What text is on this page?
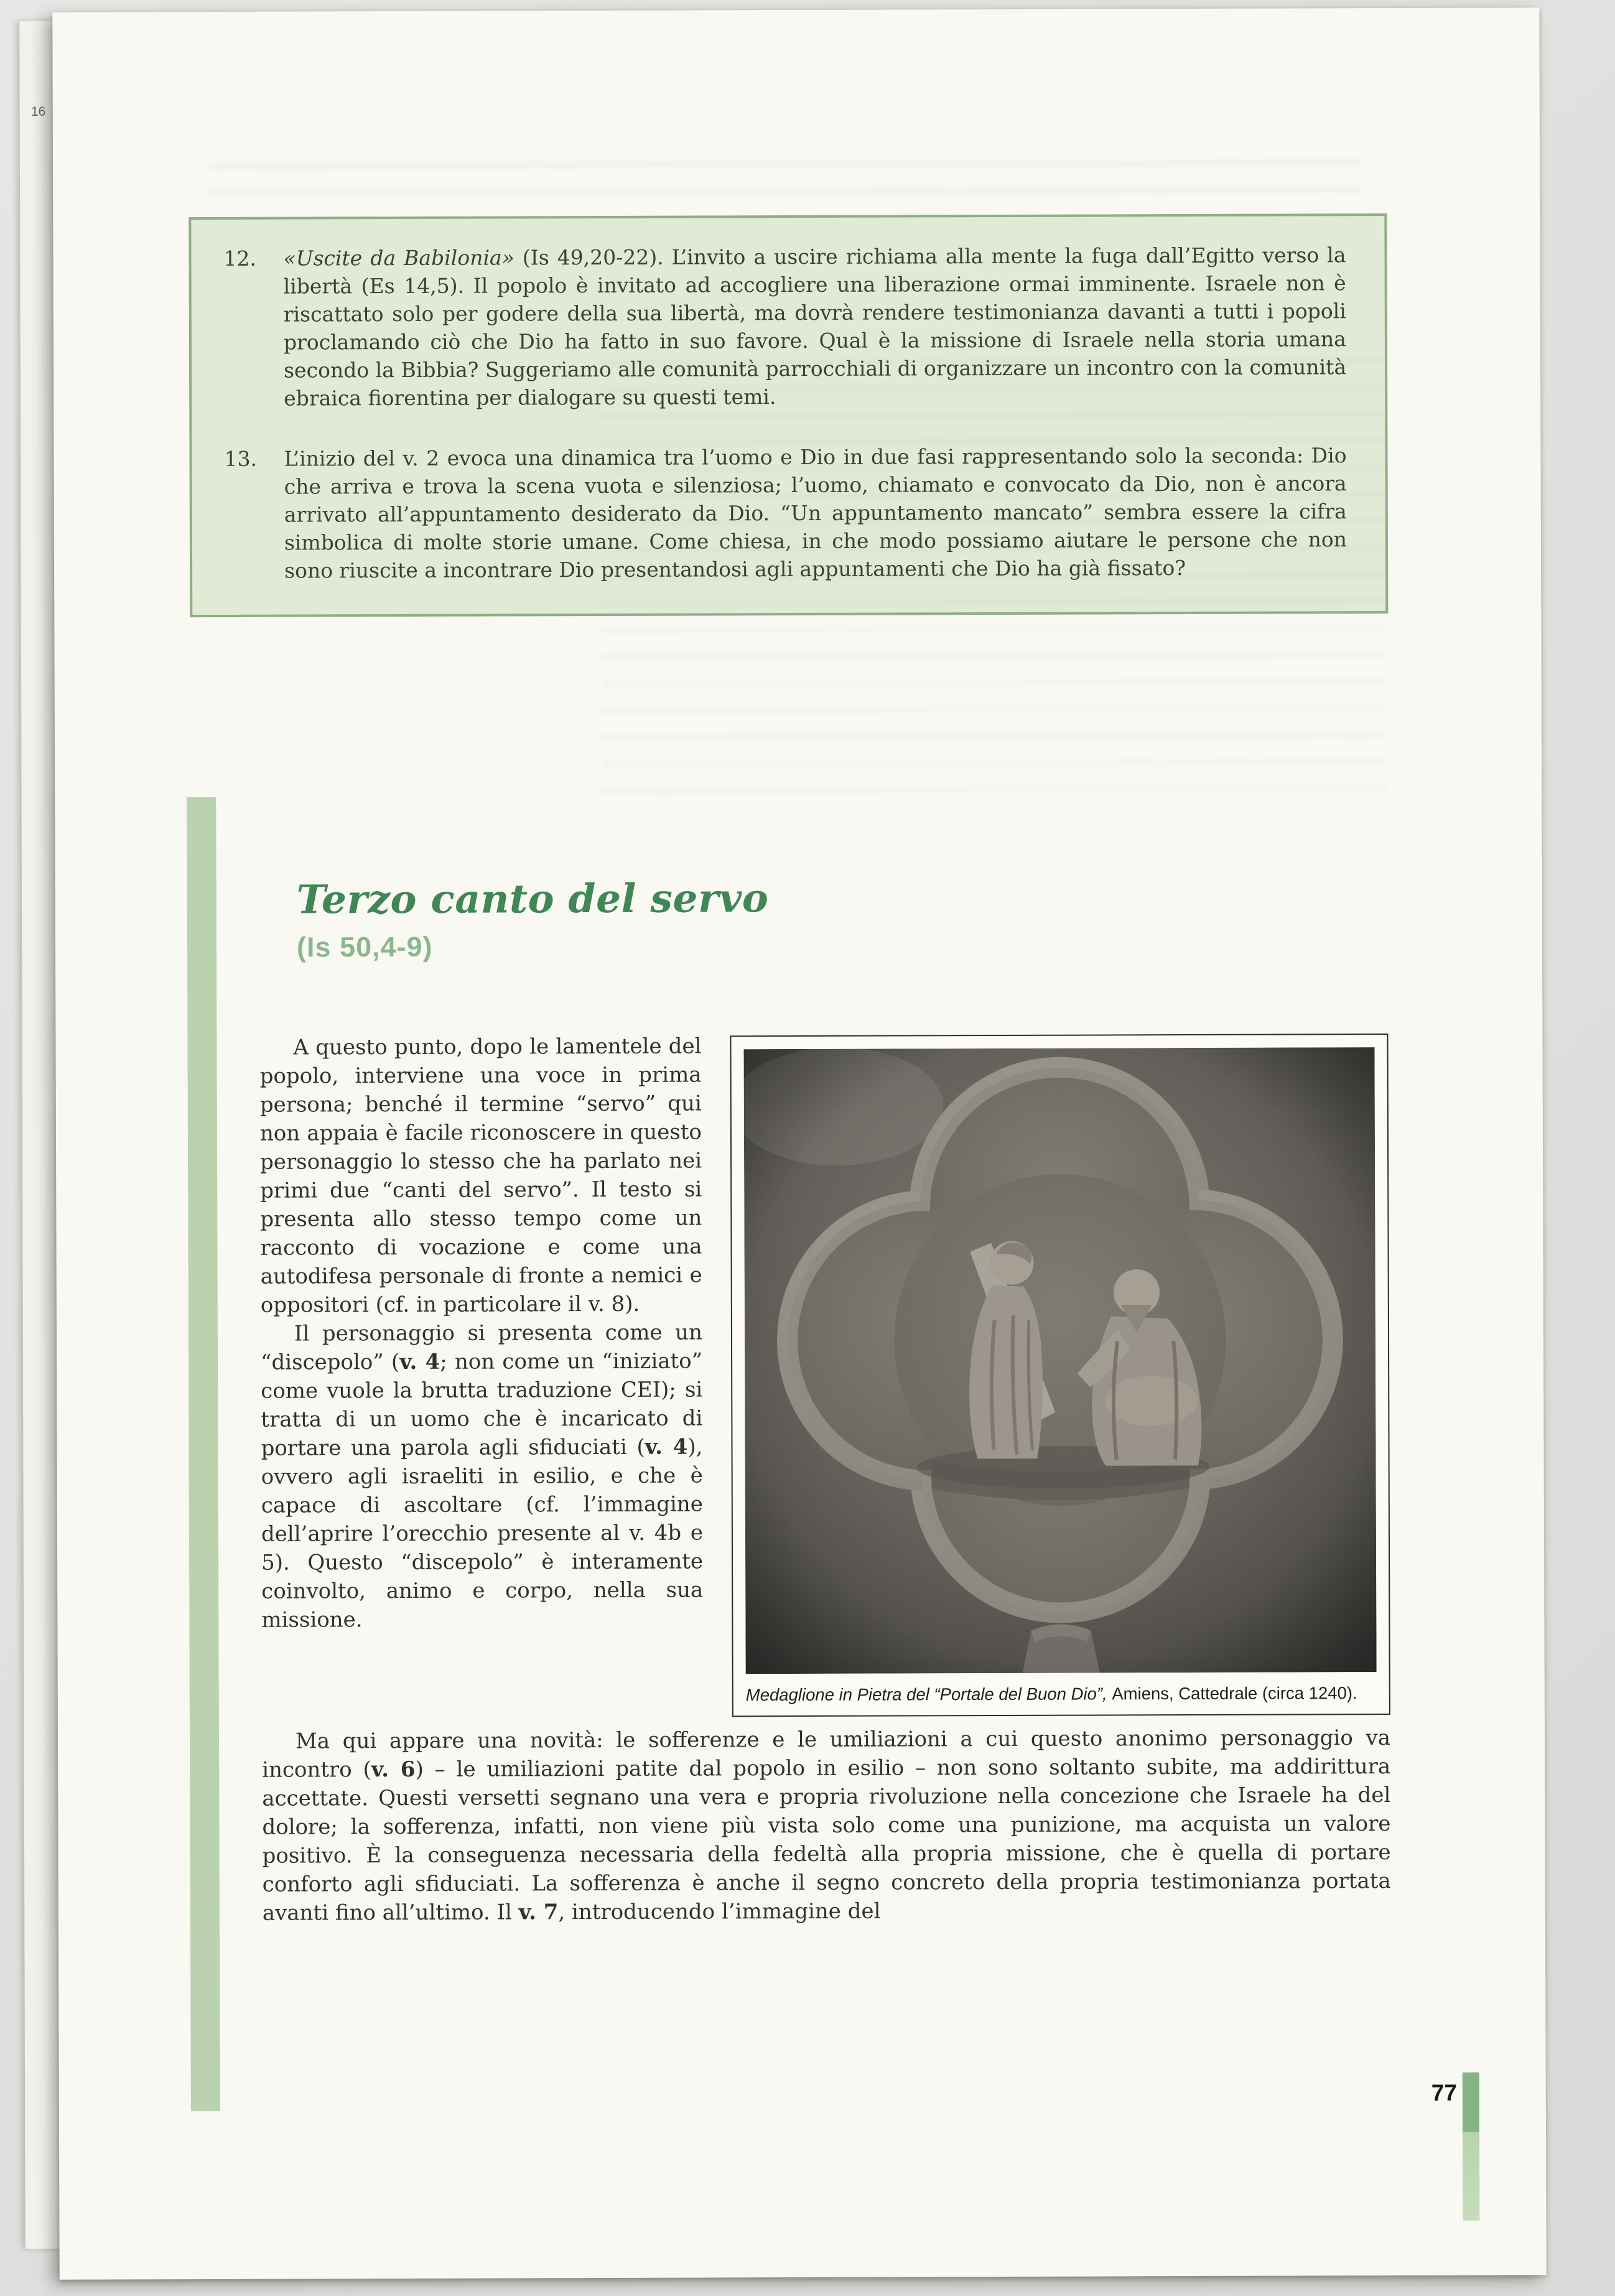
16
12.	«Uscite da Babilonia» (Is 49,20-22). L’invito a uscire richiama alla mente la fuga dall’Egitto verso la libertà (Es 14,5). Il popolo è invitato ad accogliere una liberazione ormai imminente. Israele non è riscattato solo per godere della sua libertà, ma dovrà rendere testimonianza davanti a tutti i popoli proclamando ciò che Dio ha fatto in suo favore. Qual è la missione di Israele nella storia umana secondo la Bibbia? Suggeriamo alle comunità parrocchiali di organizzare un incontro con la comunità ebraica fiorentina per dialogare su questi temi.
13.	L’inizio del v. 2 evoca una dinamica tra l’uomo e Dio in due fasi rappresentando solo la seconda: Dio che arriva e trova la scena vuota e silenziosa; l’uomo, chiamato e convocato da Dio, non è ancora arrivato all’appuntamento desiderato da Dio. “Un appuntamento mancato” sembra essere la cifra simbolica di molte storie umane. Come chiesa, in che modo possiamo aiutare le persone che non sono riuscite a incontrare Dio presentandosi agli appuntamenti che Dio ha già fissato?
Terzo canto del servo
(Is 50,4-9)
Medaglione in Pietra del “Portale del Buon Dio”, Amiens, Cattedrale (circa 1240).

A questo punto, dopo le lamentele del popolo, interviene una voce in prima persona; benché il termine “servo” qui non appaia è facile riconoscere in questo personaggio lo stesso che ha parlato nei primi due “canti del servo”. Il testo si presenta allo stesso tempo come un racconto di vocazione e come una autodifesa personale di fronte a nemici e oppositori (cf. in particolare il v. 8).

Il personaggio si presenta come un “discepolo” (v. 4; non come un “iniziato” come vuole la brutta traduzione CEI); si tratta di un uomo che è incaricato di portare una parola agli sfiduciati (v. 4), ovvero agli israeliti in esilio, e che è capace di ascoltare (cf. l’immagine dell’aprire l’orecchio presente al v. 4b e 5). Questo “discepolo” è interamente coinvolto, animo e corpo, nella sua missione.

Ma qui appare una novità: le sofferenze e le umiliazioni a cui questo anonimo personaggio va incontro (v. 6) – le umiliazioni patite dal popolo in esilio – non sono soltanto subite, ma addirittura accettate. Questi versetti segnano una vera e propria rivoluzione nella concezione che Israele ha del dolore; la sofferenza, infatti, non viene più vista solo come una punizione, ma acquista un valore positivo. È la conseguenza necessaria della fedeltà alla propria missione, che è quella di portare conforto agli sfiduciati. La sofferenza è anche il segno concreto della propria testimonianza portata avanti fino all’ultimo. Il v. 7, introducendo l’immagine del

77
